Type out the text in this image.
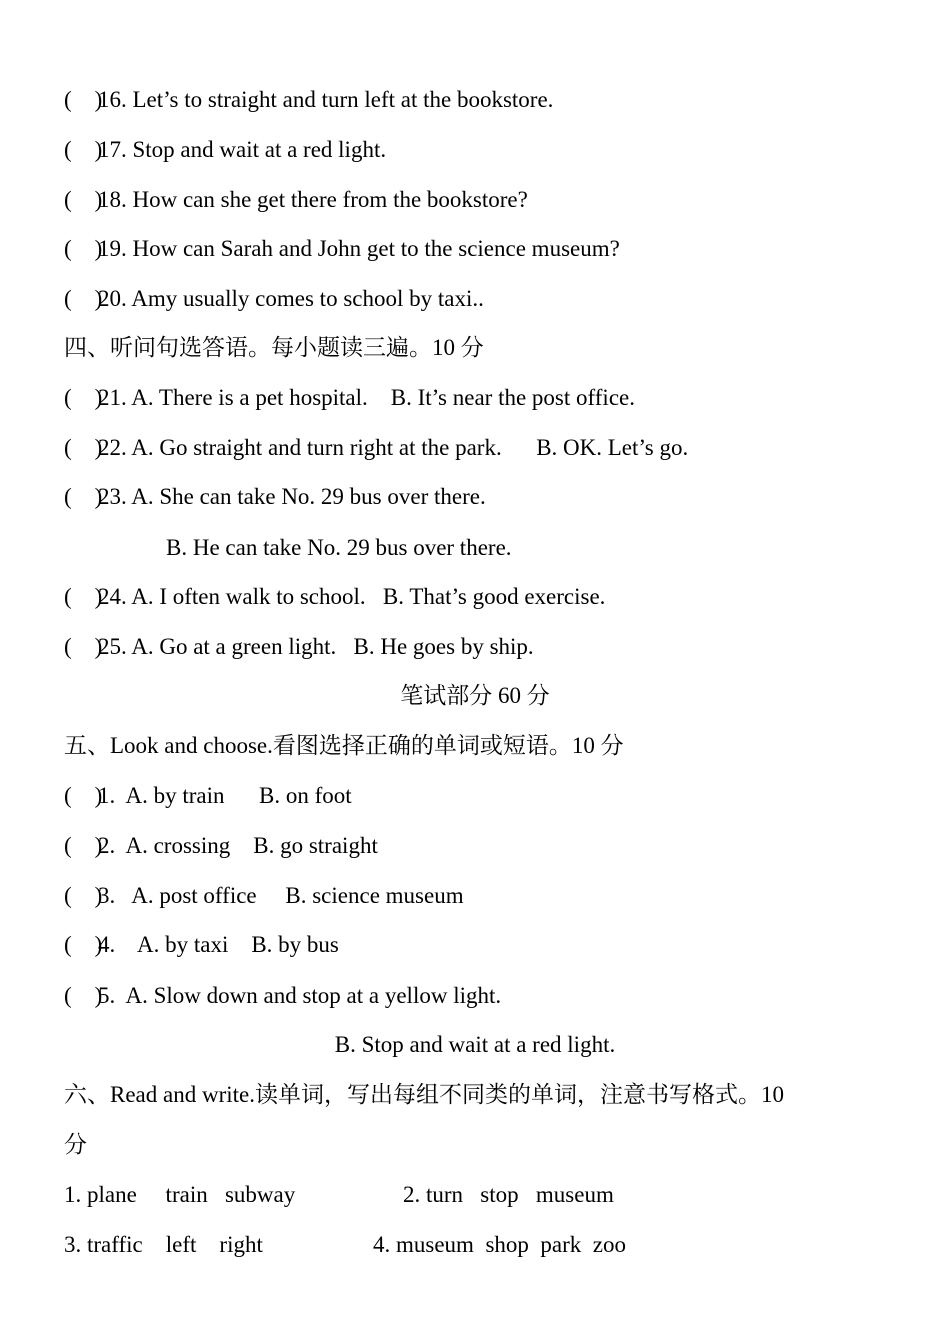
(    )16. Let’s to straight and turn left at the bookstore.

(    )17. Stop and wait at a red light.

(    )18. How can she get there from the bookstore?

(    )19. How can Sarah and John get to the science museum?

(    )20. Amy usually comes to school by taxi..

四、听问句选答语。每小题读三遍。10 分

(    )21. A. There is a pet hospital.    B. It’s near the post office.

(    )22. A. Go straight and turn right at the park.      B. OK. Let’s go.

(    )23. A. She can take No. 29 bus over there.

B. He can take No. 29 bus over there.

(    )24. A. I often walk to school.   B. That’s good exercise.

(    )25. A. Go at a green light.   B. He goes by ship.

笔试部分 60 分

五、Look and choose.看图选择正确的单词或短语。10 分

(    )1.  A. by train      B. on foot

(    )2.  A. crossing    B. go straight

(    )3.   A. post office     B. science museum

(    )4.    A. by taxi    B. by bus

(    )5.  A. Slow down and stop at a yellow light.

B. Stop and wait at a red light.

六、Read and write.读单词，写出每组不同类的单词，注意书写格式。10

分

1. plane     train   subway	2. turn   stop   museum

3. traffic    left    right	4. museum  shop  park  zoo
